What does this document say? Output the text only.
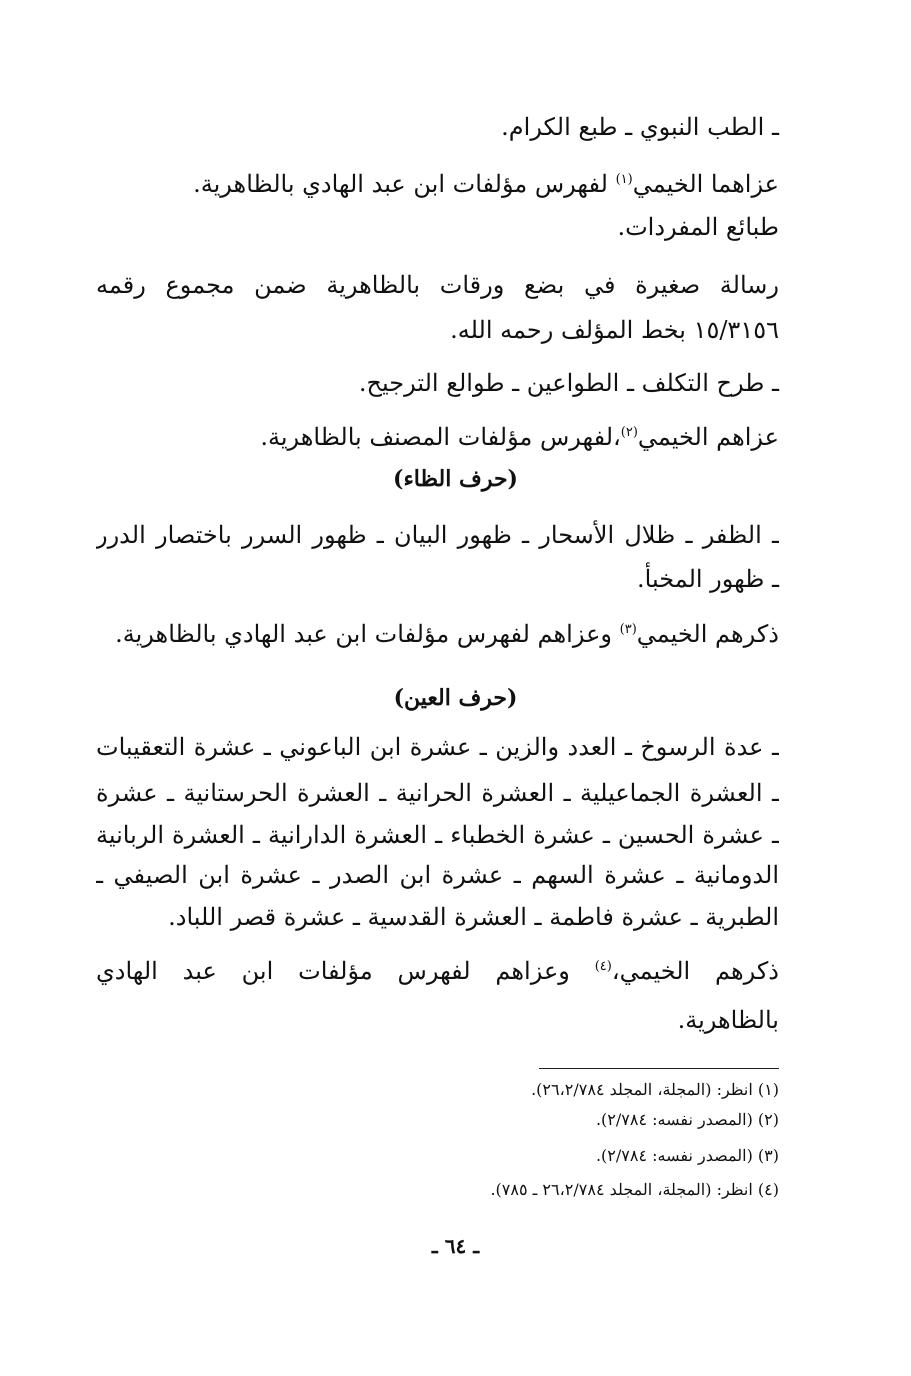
ـ الطب النبوي ـ طبع الكرام.
عزاهما الخيمي$^{(١)}$ لفهرس مؤلفات ابن عبد الهادي بالظاهرية.
طبائع المفردات.
رسالة صغيرة في بضع ورقات بالظاهرية ضمن مجموع رقمه
١٥/٣١٥٦ بخط المؤلف رحمه الله.
ـ طرح التكلف ـ الطواعين ـ طوالع الترجيح.
عزاهم الخيمي$^{(٢)}$،لفهرس مؤلفات المصنف بالظاهرية.
(حرف الظاء)
ـ الظفر ـ ظلال الأسحار ـ ظهور البيان ـ ظهور السرر باختصار الدرر
ـ ظهور المخبأ.
ذكرهم الخيمي$^{(٣)}$ وعزاهم لفهرس مؤلفات ابن عبد الهادي بالظاهرية.
(حرف العين)
ـ عدة الرسوخ ـ العدد والزين ـ عشرة ابن الباعوني ـ عشرة التعقيبات
ـ العشرة الجماعيلية ـ العشرة الحرانية ـ العشرة الحرستانية ـ عشرة
ـ عشرة الحسين ـ عشرة الخطباء ـ العشرة الدارانية ـ العشرة الربانية
الدومانية ـ عشرة السهم ـ عشرة ابن الصدر ـ عشرة ابن الصيفي ـ
الطبرية ـ عشرة فاطمة ـ العشرة القدسية ـ عشرة قصر اللباد.
ذكرهم الخيمي،$^{(٤)}$ وعزاهم لفهرس مؤلفات ابن عبد الهادي
بالظاهرية.
(١) انظر: (المجلة، المجلد ٢٦،٢/٧٨٤).
(٢) (المصدر نفسه: ٢/٧٨٤).
(٣) (المصدر نفسه: ٢/٧٨٤).
(٤) انظر: (المجلة، المجلد ٢٦،٢/٧٨٤ ـ ٧٨٥).
ـ ٦٤ ـ
